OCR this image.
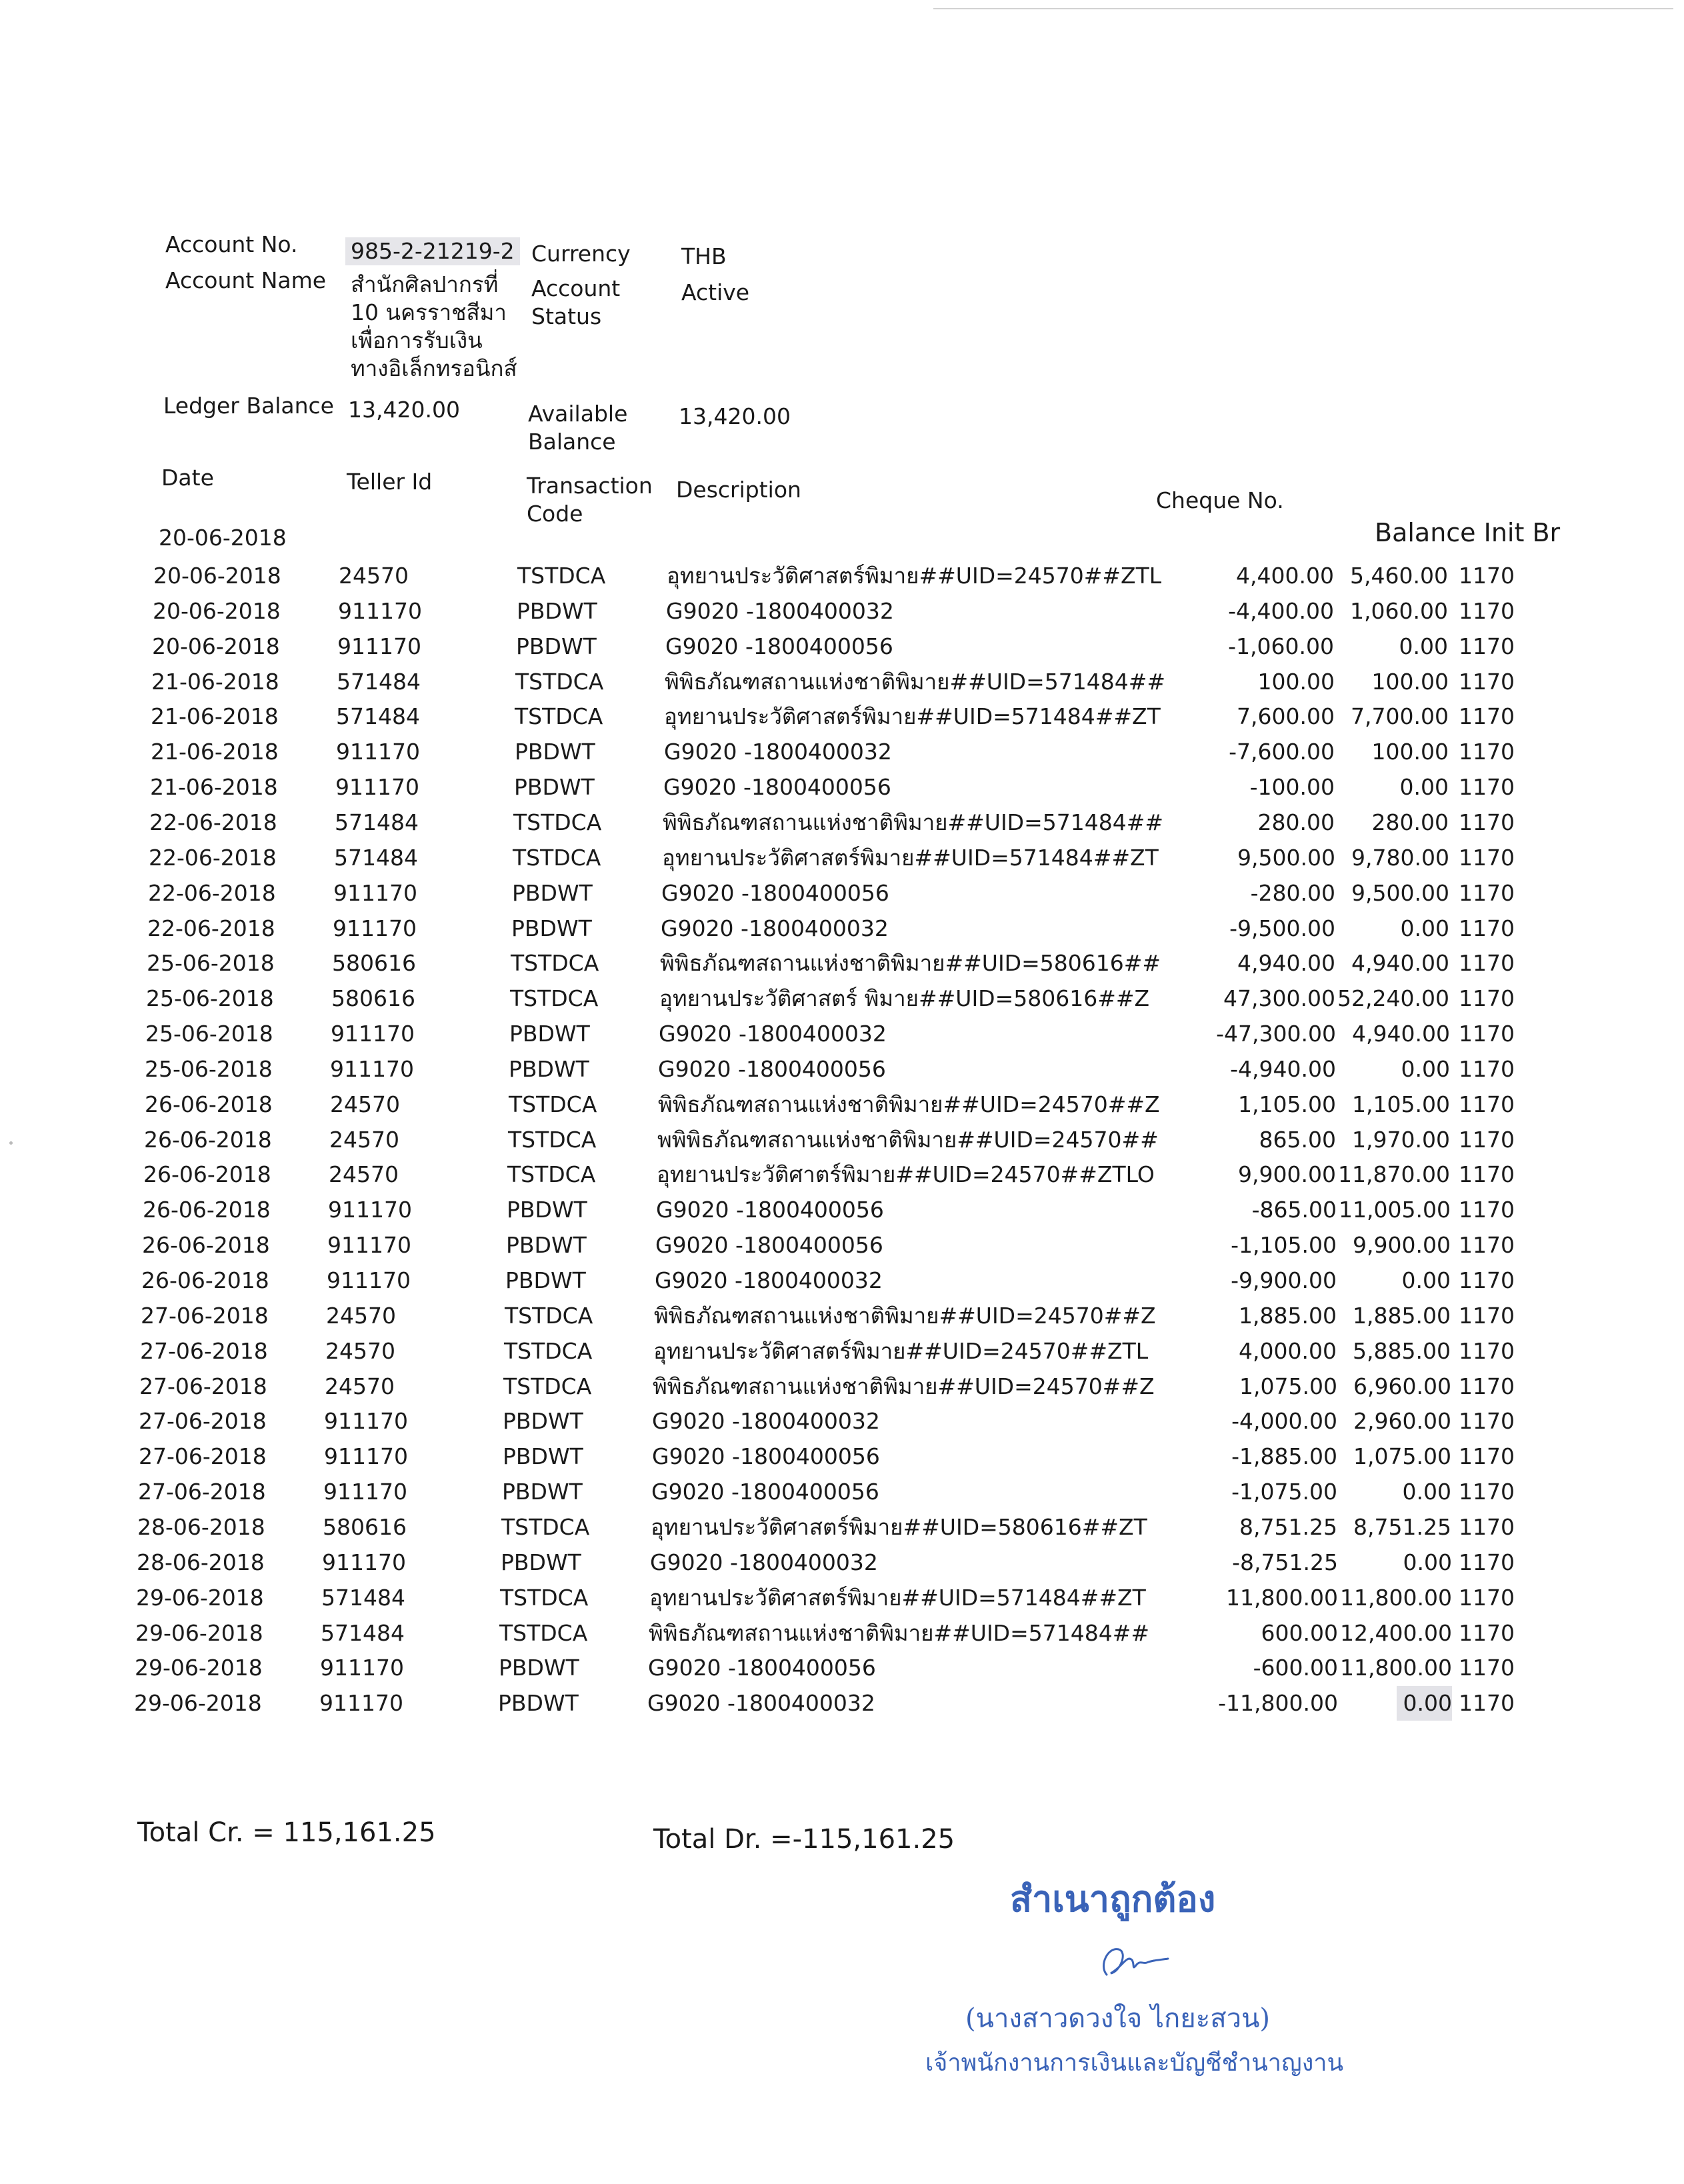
Account No. 985-2-21219-2 Currency THB
Account Name สำนักศิลปากรที่
10 นครราชสีมา
เพื่อการรับเงิน
ทางอิเล็กทรอนิกส์
Account
Status
Active
Ledger Balance 13,420.00	Available
Balance
13,420.00
Date	Teller Id	Transaction
Code
Description	Cheque No.
Balance Init Br
20-06-2018
20-06-2018	24570	TSTDCA	อุทยานประวัติศาสตร์พิมาย##UID=24570##ZTL	4,400.00 5,460.00 1170
20-06-2018	911170	PBDWT	G9020 -1800400032	-4,400.00 1,060.00 1170
20-06-2018	911170	PBDWT	G9020 -1800400056	-1,060.00	0.00 1170
21-06-2018	571484	TSTDCA	พิพิธภัณฑสถานแห่งชาติพิมาย##UID=571484##	100.00 100.00 1170
21-06-2018	571484	TSTDCA	อุทยานประวัติศาสตร์พิมาย##UID=571484##ZT	7,600.00 7,700.00 1170
21-06-2018	911170	PBDWT	G9020 -1800400032	-7,600.00 100.00 1170
21-06-2018	911170	PBDWT	G9020 -1800400056	-100.00	0.00 1170
22-06-2018	571484	TSTDCA	พิพิธภัณฑสถานแห่งชาติพิมาย##UID=571484##	280.00 280.00 1170
22-06-2018	571484	TSTDCA	อุทยานประวัติศาสตร์พิมาย##UID=571484##ZT	9,500.00 9,780.00 1170
22-06-2018	911170	PBDWT	G9020 -1800400056	-280.00 9,500.00 1170
22-06-2018	911170	PBDWT	G9020 -1800400032	-9,500.00	0.00 1170
25-06-2018	580616	TSTDCA	พิพิธภัณฑสถานแห่งชาติพิมาย##UID=580616##	4,940.00 4,940.00 1170
25-06-2018	580616	TSTDCA	อุทยานประวัติศาสตร์ พิมาย##UID=580616##Z	47,300.00 52,240.00 1170
25-06-2018	911170	PBDWT	G9020 -1800400032	-47,300.00 4,940.00 1170
25-06-2018	911170	PBDWT	G9020 -1800400056	-4,940.00	0.00 1170
26-06-2018	24570	TSTDCA	พิพิธภัณฑสถานแห่งชาติพิมาย##UID=24570##Z	1,105.00 1,105.00 1170
26-06-2018	24570	TSTDCA	พพิพิธภัณฑสถานแห่งชาติพิมาย##UID=24570##	865.00 1,970.00 1170
26-06-2018	24570	TSTDCA	อุทยานประวัติศาตร์พิมาย##UID=24570##ZTLO	9,900.00 11,870.00 1170
26-06-2018	911170	PBDWT	G9020 -1800400056	-865.00 11,005.00 1170
26-06-2018	911170	PBDWT	G9020 -1800400056	-1,105.00 9,900.00 1170
26-06-2018	911170	PBDWT	G9020 -1800400032	-9,900.00	0.00 1170
27-06-2018	24570	TSTDCA	พิพิธภัณฑสถานแห่งชาติพิมาย##UID=24570##Z	1,885.00 1,885.00 1170
27-06-2018	24570	TSTDCA	อุทยานประวัติศาสตร์พิมาย##UID=24570##ZTL	4,000.00 5,885.00 1170
27-06-2018	24570	TSTDCA	พิพิธภัณฑสถานแห่งชาติพิมาย##UID=24570##Z	1,075.00 6,960.00 1170
27-06-2018	911170	PBDWT	G9020 -1800400032	-4,000.00 2,960.00 1170
27-06-2018	911170	PBDWT	G9020 -1800400056	-1,885.00 1,075.00 1170
27-06-2018	911170	PBDWT	G9020 -1800400056	-1,075.00	0.00 1170
28-06-2018	580616	TSTDCA	อุทยานประวัติศาสตร์พิมาย##UID=580616##ZT	8,751.25 8,751.25 1170
28-06-2018	911170	PBDWT	G9020 -1800400032	-8,751.25	0.00 1170
29-06-2018	571484	TSTDCA	อุทยานประวัติศาสตร์พิมาย##UID=571484##ZT	11,800.00 11,800.00 1170
29-06-2018	571484	TSTDCA	พิพิธภัณฑสถานแห่งชาติพิมาย##UID=571484##	600.00 12,400.00 1170
29-06-2018	911170	PBDWT	G9020 -1800400056	-600.00 11,800.00 1170
29-06-2018	911170	PBDWT	G9020 -1800400032	-11,800.00	0.00 1170
Total Cr. = 115,161.25	Total Dr. =-115,161.25
สำเนาถูกต้อง
(นางสาวดวงใจ ไกยะสวน)
เจ้าพนักงานการเงินและบัญชีชำนาญงาน
